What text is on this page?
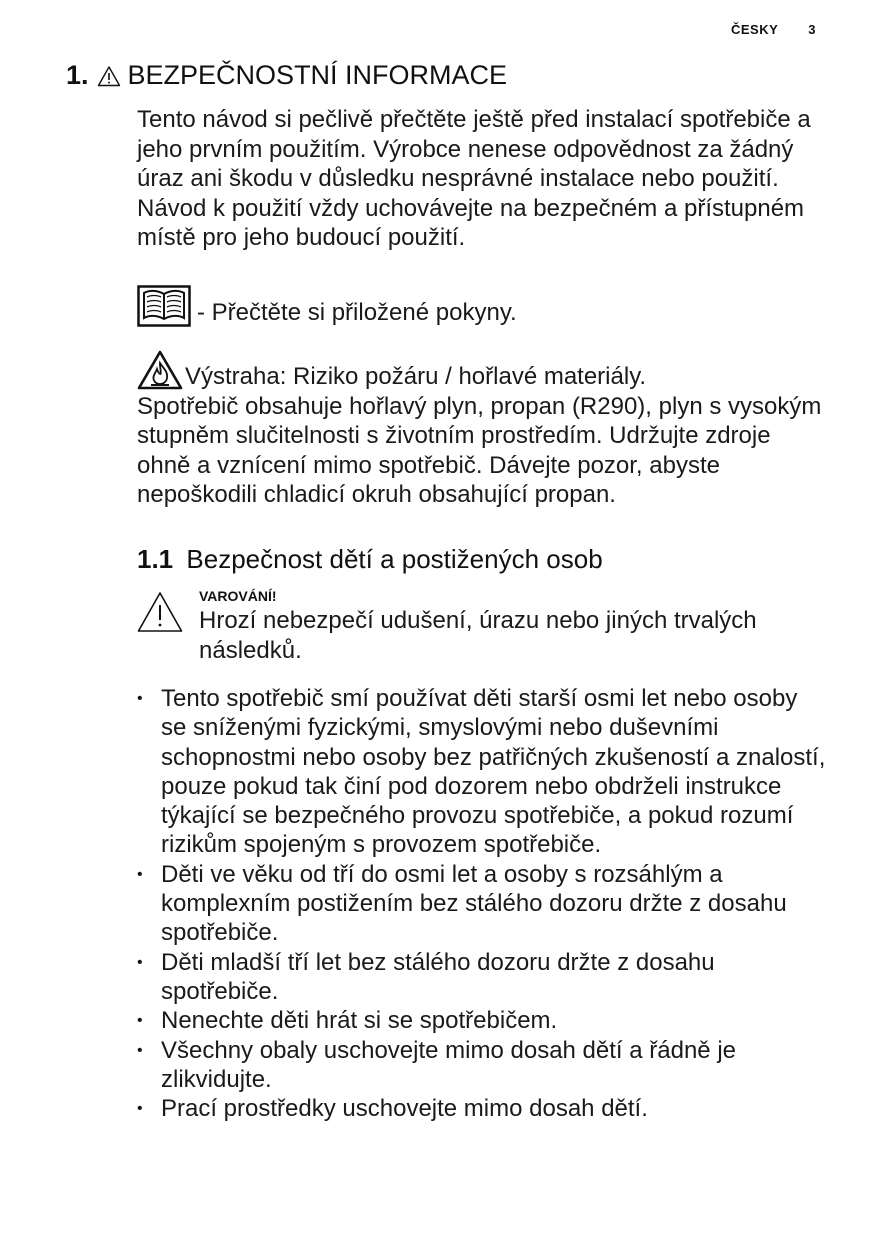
ČESKY 3
1. BEZPEČNOSTNÍ INFORMACE
Tento návod si pečlivě přečtěte ještě před instalací spotřebiče a jeho prvním použitím. Výrobce nenese odpovědnost za žádný úraz ani škodu v důsledku nesprávné instalace nebo použití. Návod k použití vždy uchovávejte na bezpečném a přístupném místě pro jeho budoucí použití.
- Přečtěte si přiložené pokyny.
Výstraha: Riziko požáru / hořlavé materiály.
Spotřebič obsahuje hořlavý plyn, propan (R290), plyn s vysokým stupněm slučitelnosti s životním prostředím. Udržujte zdroje ohně a vznícení mimo spotřebič. Dávejte pozor, abyste nepoškodili chladicí okruh obsahující propan.
1.1 Bezpečnost dětí a postižených osob
VAROVÁNÍ!
Hrozí nebezpečí udušení, úrazu nebo jiných trvalých následků.
• Tento spotřebič smí používat děti starší osmi let nebo osoby se sníženými fyzickými, smyslovými nebo duševními schopnostmi nebo osoby bez patřičných zkušeností a znalostí, pouze pokud tak činí pod dozorem nebo obdrželi instrukce týkající se bezpečného provozu spotřebiče, a pokud rozumí rizikům spojeným s provozem spotřebiče.
• Děti ve věku od tří do osmi let a osoby s rozsáhlým a komplexním postižením bez stálého dozoru držte z dosahu spotřebiče.
• Děti mladší tří let bez stálého dozoru držte z dosahu spotřebiče.
• Nenechte děti hrát si se spotřebičem.
• Všechny obaly uschovejte mimo dosah dětí a řádně je zlikvidujte.
• Prací prostředky uschovejte mimo dosah dětí.
